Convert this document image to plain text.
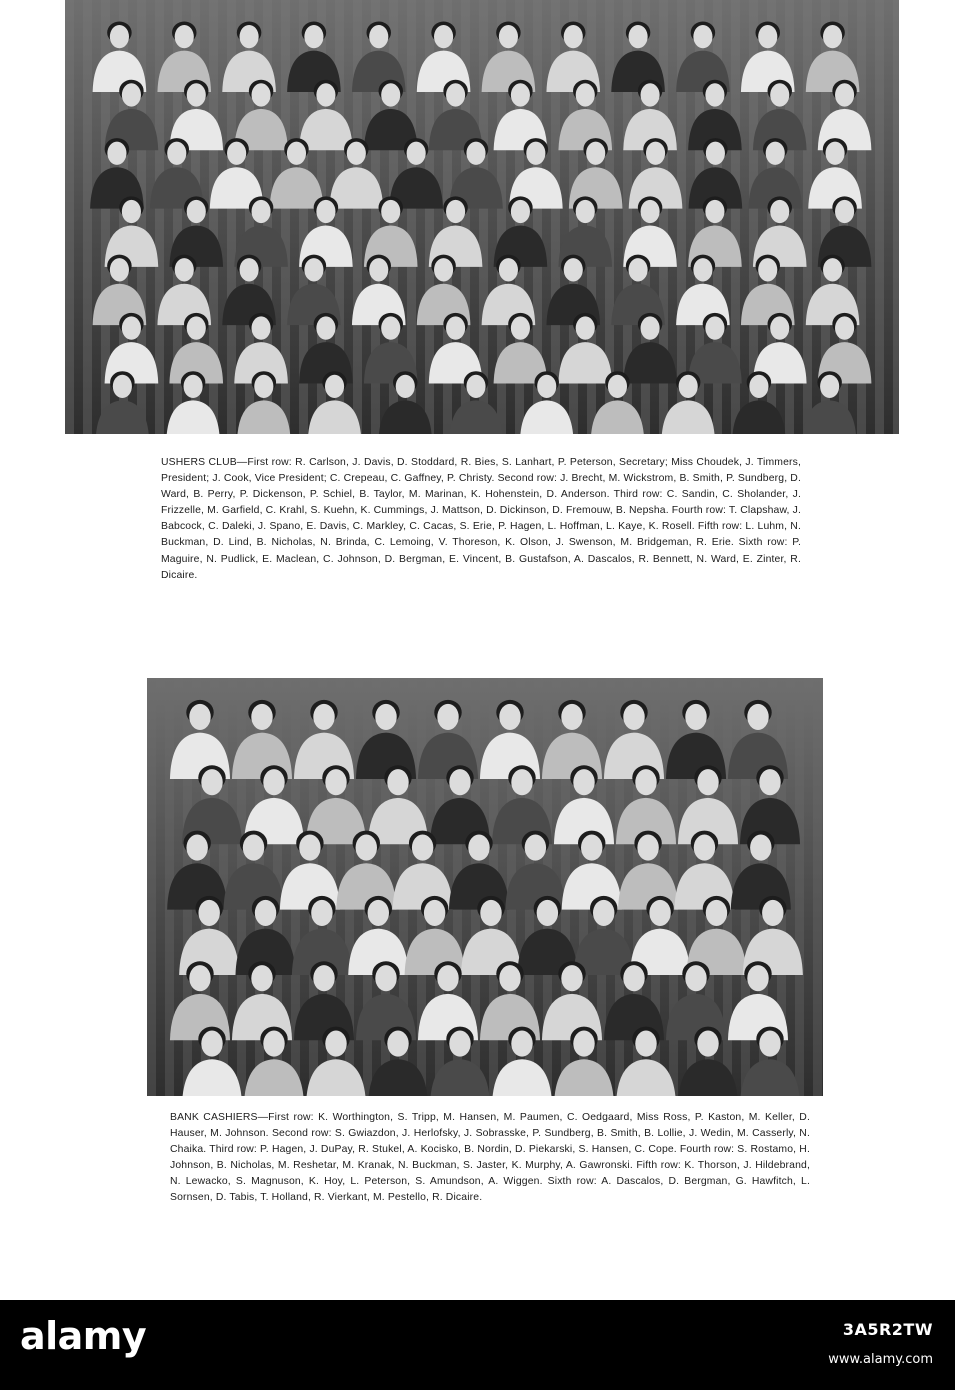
USHERS CLUB—First row: R. Carlson, J. Davis, D. Stoddard, R. Bies, S. Lanhart, P. Peterson, Secretary; Miss Choudek, J. Timmers, President; J. Cook, Vice President; C. Crepeau, C. Gaffney, P. Christy. Second row: J. Brecht, M. Wickstrom, B. Smith, P. Sundberg, D. Ward, B. Perry, P. Dickenson, P. Schiel, B. Taylor, M. Marinan, K. Hohenstein, D. Anderson. Third row: C. Sandin, C. Sholander, J. Frizzelle, M. Garfield, C. Krahl, S. Kuehn, K. Cummings, J. Mattson, D. Dickinson, D. Fremouw, B. Nepsha. Fourth row: T. Clapshaw, J. Babcock, C. Daleki, J. Spano, E. Davis, C. Markley, C. Cacas, S. Erie, P. Hagen, L. Hoffman, L. Kaye, K. Rosell. Fifth row: L. Luhm, N. Buckman, D. Lind, B. Nicholas, N. Brinda, C. Lemoing, V. Thoreson, K. Olson, J. Swenson, M. Bridgeman, R. Erie. Sixth row: P. Maguire, N. Pudlick, E. Maclean, C. Johnson, D. Bergman, E. Vincent, B. Gustafson, A. Dascalos, R. Bennett, N. Ward, E. Zinter, R. Dicaire.

BANK CASHIERS—First row: K. Worthington, S. Tripp, M. Hansen, M. Paumen, C. Oedgaard, Miss Ross, P. Kaston, M. Keller, D. Hauser, M. Johnson. Second row: S. Gwiazdon, J. Herlofsky, J. Sobrasske, P. Sundberg, B. Smith, B. Lollie, J. Wedin, M. Casserly, N. Chaika. Third row: P. Hagen, J. DuPay, R. Stukel, A. Kocisko, B. Nordin, D. Piekarski, S. Hansen, C. Cope. Fourth row: S. Rostamo, H. Johnson, B. Nicholas, M. Reshetar, M. Kranak, N. Buckman, S. Jaster, K. Murphy, A. Gawronski. Fifth row: K. Thorson, J. Hildebrand, N. Lewacko, S. Magnuson, K. Hoy, L. Peterson, S. Amundson, A. Wiggen. Sixth row: A. Dascalos, D. Bergman, G. Hawfitch, L. Sornsen, D. Tabis, T. Holland, R. Vierkant, M. Pestello, R. Dicaire.

alamy	3A5R2TW
www.alamy.com
